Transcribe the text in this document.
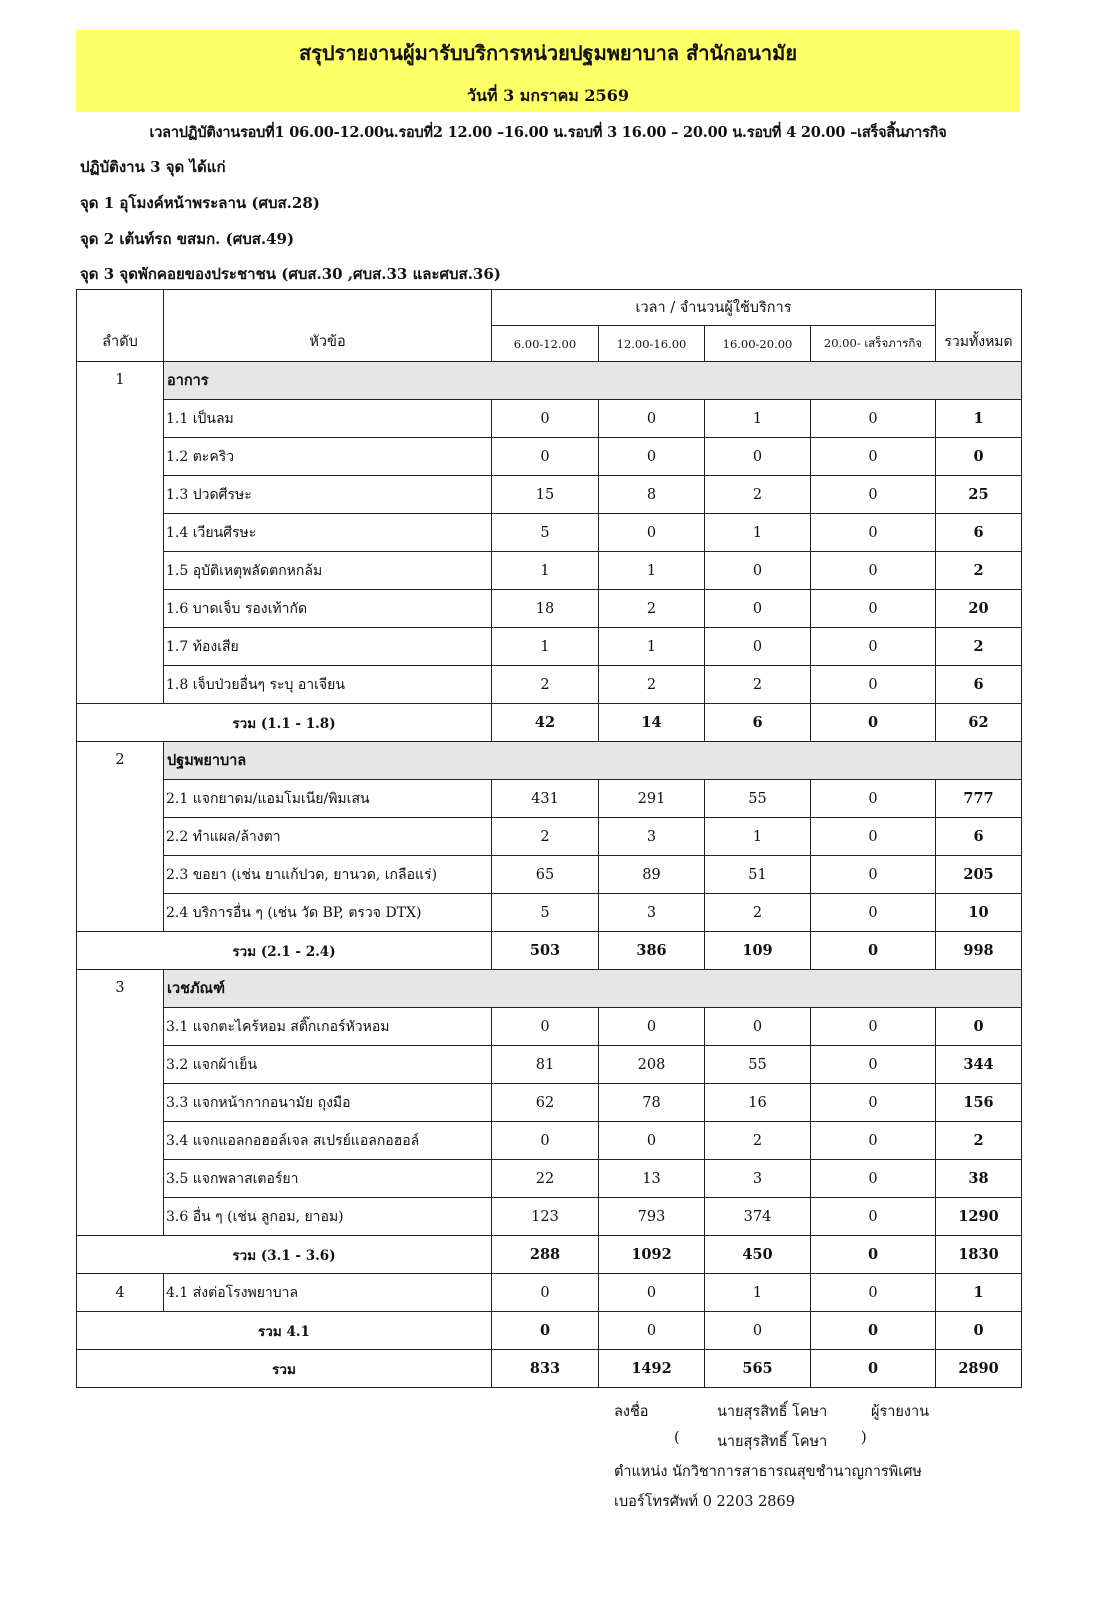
สรุปรายงานผู้มารับบริการหน่วยปฐมพยาบาล สำนักอนามัย
วันที่ 3 มกราคม 2569
เวลาปฏิบัติงานรอบที่1 06.00-12.00น.รอบที่2 12.00 –16.00 น.รอบที่ 3 16.00 – 20.00 น.รอบที่ 4 20.00 –เสร็จสิ้นภารกิจ
ปฏิบัติงาน 3 จุด ได้แก่
จุด 1 อุโมงค์หน้าพระลาน (ศบส.28)
จุด 2 เต้นท์รถ ขสมก. (ศบส.49)
จุด 3 จุดพักคอยของประชาชน (ศบส.30 ,ศบส.33 และศบส.36)
ลำดับ	หัวข้อ	เวลา / จำนวนผู้ใช้บริการ				รวมทั้งหมด
		6.00-12.00	12.00-16.00	16.00-20.00	20.00- เสร็จภารกิจ	
1	อาการ					
	1.1 เป็นลม	0	0	1	0	1
	1.2 ตะคริว	0	0	0	0	0
	1.3 ปวดศีรษะ	15	8	2	0	25
	1.4 เวียนศีรษะ	5	0	1	0	6
	1.5 อุบัติเหตุพลัดตกหกล้ม	1	1	0	0	2
	1.6 บาดเจ็บ รองเท้ากัด	18	2	0	0	20
	1.7 ท้องเสีย	1	1	0	0	2
	1.8 เจ็บป่วยอื่นๆ ระบุ อาเจียน	2	2	2	0	6
รวม (1.1 - 1.8)		42	14	6	0	62
2	ปฐมพยาบาล					
	2.1 แจกยาดม/แอมโมเนีย/พิมเสน	431	291	55	0	777
	2.2 ทำแผล/ล้างตา	2	3	1	0	6
	2.3 ขอยา (เช่น ยาแก้ปวด, ยานวด, เกลือแร่)	65	89	51	0	205
	2.4 บริการอื่น ๆ (เช่น วัด BP, ตรวจ DTX)	5	3	2	0	10
รวม (2.1 - 2.4)		503	386	109	0	998
3	เวชภัณฑ์					
	3.1 แจกตะไคร้หอม สติ๊กเกอร์หัวหอม	0	0	0	0	0
	3.2 แจกผ้าเย็น	81	208	55	0	344
	3.3 แจกหน้ากากอนามัย ถุงมือ	62	78	16	0	156
	3.4 แจกแอลกอฮอล์เจล สเปรย์แอลกอฮอล์	0	0	2	0	2
	3.5 แจกพลาสเตอร์ยา	22	13	3	0	38
	3.6 อื่น ๆ (เช่น ลูกอม, ยาอม)	123	793	374	0	1290
รวม (3.1 - 3.6)		288	1092	450	0	1830
4	4.1 ส่งต่อโรงพยาบาล	0	0	1	0	1
รวม 4.1		0	0	0	0	0
รวม		833	1492	565	0	2890
ลงชื่อ	นายสุรสิทธิ์ โคษา	ผู้รายงาน
(	นายสุรสิทธิ์ โคษา )
ตำแหน่ง นักวิชาการสาธารณสุขชำนาญการพิเศษ
เบอร์โทรศัพท์ 0 2203 2869
